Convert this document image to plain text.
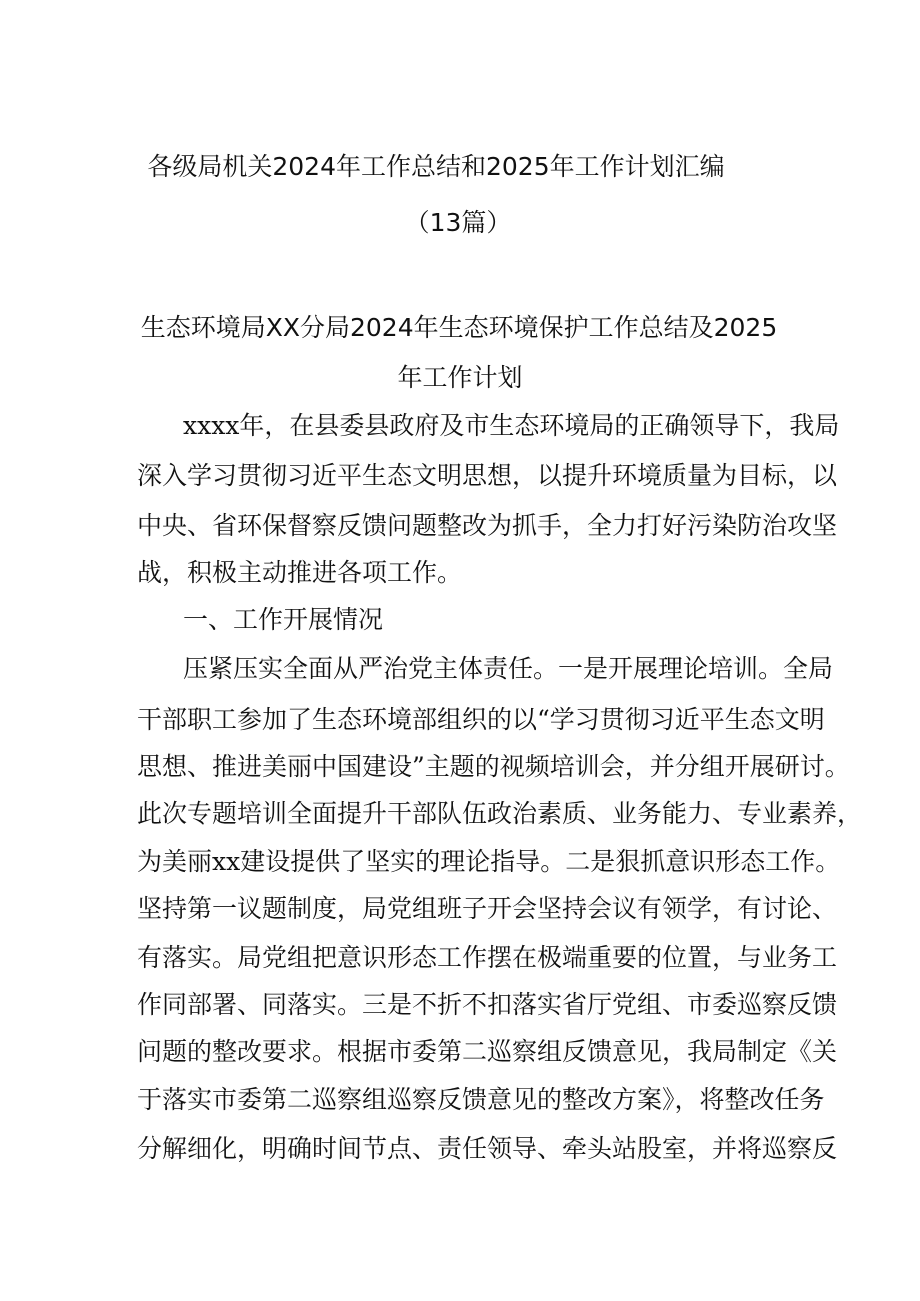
各级局机关2024年工作总结和2025年工作计划汇编
（13篇）
生态环境局XX分局2024年生态环境保护工作总结及2025
年工作计划
xxxx年，在县委县政府及市生态环境局的正确领导下，我局
深入学习贯彻习近平生态文明思想，以提升环境质量为目标，以
中央、省环保督察反馈问题整改为抓手，全力打好污染防治攻坚
战，积极主动推进各项工作。
一、工作开展情况
压紧压实全面从严治党主体责任。一是开展理论培训。全局
干部职工参加了生态环境部组织的以“学习贯彻习近平生态文明
思想、推进美丽中国建设”主题的视频培训会，并分组开展研讨。
此次专题培训全面提升干部队伍政治素质、业务能力、专业素养，
为美丽xx建设提供了坚实的理论指导。二是狠抓意识形态工作。
坚持第一议题制度，局党组班子开会坚持会议有领学，有讨论、
有落实。局党组把意识形态工作摆在极端重要的位置，与业务工
作同部署、同落实。三是不折不扣落实省厅党组、市委巡察反馈
问题的整改要求。根据市委第二巡察组反馈意见，我局制定《关
于落实市委第二巡察组巡察反馈意见的整改方案》，将整改任务
分解细化，明确时间节点、责任领导、牵头站股室，并将巡察反
